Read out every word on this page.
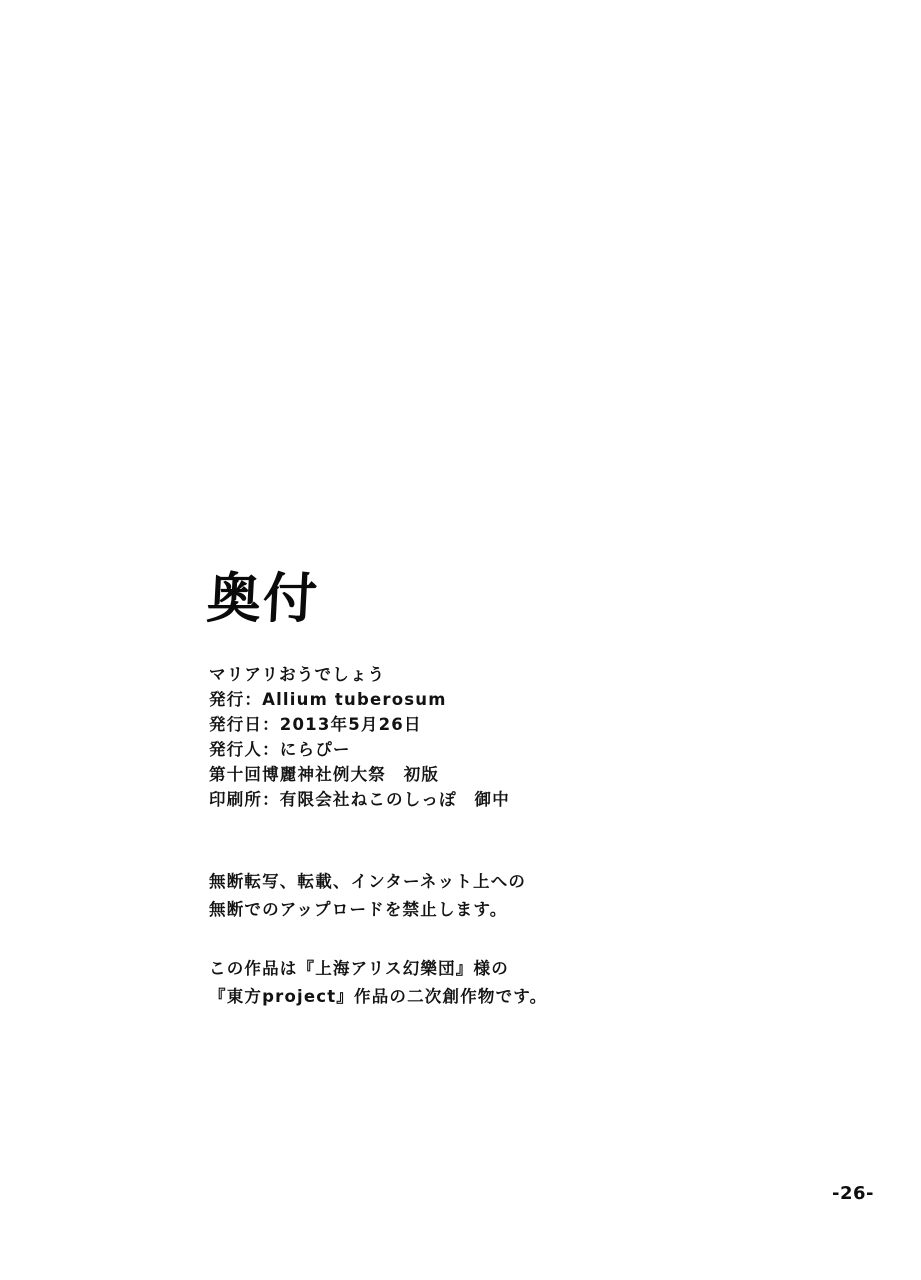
奥付
マリアリおうでしょう
発行：Allium tuberosum
発行日：2013年5月26日
発行人：にらぴー
第十回博麗神社例大祭　初版
印刷所：有限会社ねこのしっぽ　御中
無断転写、転載、インターネット上への
無断でのアップロードを禁止します。
この作品は『上海アリス幻樂団』様の
『東方project』作品の二次創作物です。
-26-
